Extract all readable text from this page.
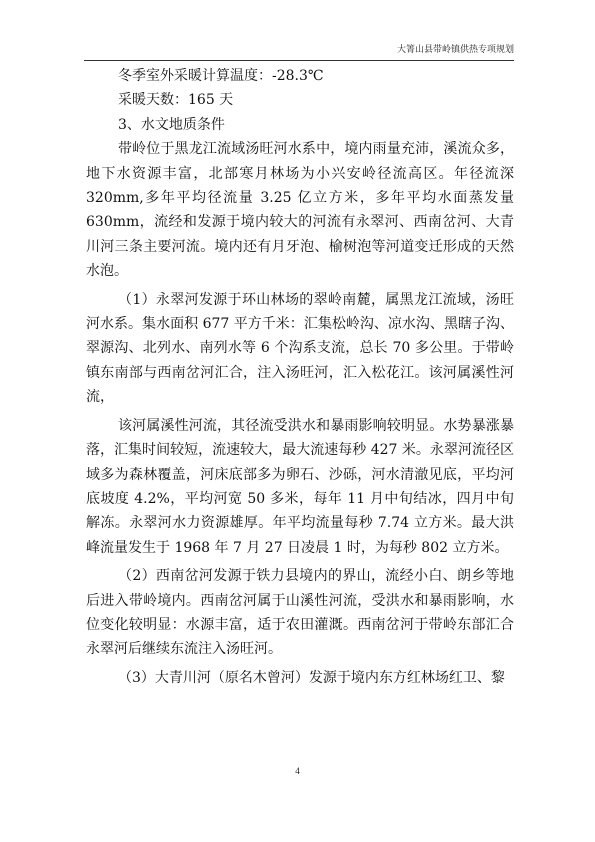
大箐山县带岭镇供热专项规划

冬季室外采暖计算温度：-28.3℃

采暖天数：165 天

3、水文地质条件

带岭位于黑龙江流域汤旺河水系中，境内雨量充沛，溪流众多，地下水资源丰富，北部寒月林场为小兴安岭径流高区。年径流深 320mm,多年平均径流量 3.25 亿立方米，多年平均水面蒸发量 630mm，流经和发源于境内较大的河流有永翠河、西南岔河、大青川河三条主要河流。境内还有月牙泡、榆树泡等河道变迁形成的天然水泡。

（1）永翠河发源于环山林场的翠岭南麓，属黑龙江流域，汤旺河水系。集水面积 677 平方千米：汇集松岭沟、凉水沟、黑瞎子沟、翠源沟、北列水、南列水等 6 个沟系支流，总长 70 多公里。于带岭镇东南部与西南岔河汇合，注入汤旺河，汇入松花江。该河属溪性河流，

该河属溪性河流，其径流受洪水和暴雨影响较明显。水势暴涨暴落，汇集时间较短，流速较大，最大流速每秒 427 米。永翠河流径区域多为森林覆盖，河床底部多为卵石、沙砾，河水清澈见底，平均河底坡度 4.2%，平均河宽 50 多米，每年 11 月中旬结冰，四月中旬解冻。永翠河水力资源雄厚。年平均流量每秒 7.74 立方米。最大洪峰流量发生于 1968 年 7 月 27 日凌晨 1 时，为每秒 802 立方米。

（2）西南岔河发源于铁力县境内的界山，流经小白、朗乡等地后进入带岭境内。西南岔河属于山溪性河流，受洪水和暴雨影响，水位变化较明显：水源丰富，适于农田灌溉。西南岔河于带岭东部汇合永翠河后继续东流注入汤旺河。

（3）大青川河（原名木曾河）发源于境内东方红林场红卫、黎

4
